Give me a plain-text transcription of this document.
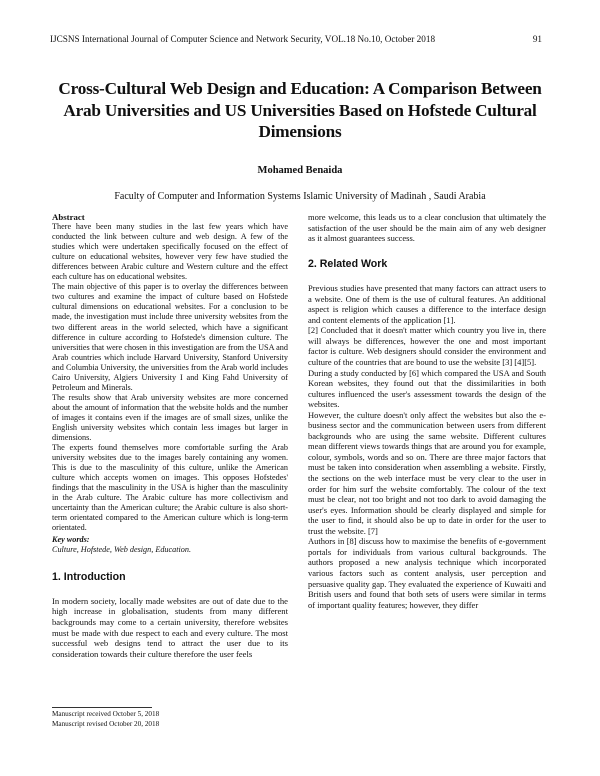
IJCSNS International Journal of Computer Science and Network Security, VOL.18 No.10, October 2018	91
Cross-Cultural Web Design and Education: A Comparison Between Arab Universities and US Universities Based on Hofstede Cultural Dimensions
Mohamed Benaida
Faculty of Computer and Information Systems Islamic University of Madinah , Saudi Arabia

Abstract

There have been many studies in the last few years which have conducted the link between culture and web design. A few of the studies which were undertaken specifically focused on the effect of culture on educational websites, however very few have studied the differences between Arabic culture and Western culture and the effect each culture has on educational websites.

The main objective of this paper is to overlay the differences between two cultures and examine the impact of culture based on Hofstede cultural dimensions on educational websites. For a conclusion to be made, the investigation must include three university websites from the two different areas in the world selected, which have a significant difference in culture according to Hofstede's dimension culture. The universities that were chosen in this investigation are from the USA and Arab countries which include Harvard University, Stanford University and Columbia University, the universities from the Arab world includes Cairo University, Algiers University I and King Fahd University of Petroleum and Minerals.

The results show that Arab university websites are more concerned about the amount of information that the website holds and the number of images it contains even if the images are of small sizes, unlike the English university websites which contain less images but larger in dimensions.

The experts found themselves more comfortable surfing the Arab university websites due to the images barely containing any women. This is due to the masculinity of this culture, unlike the American culture which accepts women on images. This opposes Hofstedes' findings that the masculinity in the USA is higher than the masculinity in the Arab culture. The Arabic culture has more collectivism and uncertainty than the American culture; the Arabic culture is also short-term orientated compared to the American culture which is long-term orientated.

Key words:

Culture, Hofstede, Web design, Education.

1. Introduction

In modern society, locally made websites are out of date due to the high increase in globalisation, students from many different backgrounds may come to a certain university, therefore websites must be made with due respect to each and every culture. The most successful web designs tend to attract the user due to its consideration towards their culture therefore the user feels

more welcome, this leads us to a clear conclusion that ultimately the satisfaction of the user should be the main aim of any web designer as it almost guarantees success.

2. Related Work

Previous studies have presented that many factors can attract users to a website. One of them is the use of cultural features. An additional aspect is religion which causes a difference to the interface design and content elements of the application [1].

[2] Concluded that it doesn't matter which country you live in, there will always be differences, however the one and most important factor is culture. Web designers should consider the environment and culture of the countries that are bound to use the website [3] [4][5].

During a study conducted by [6] which compared the USA and South Korean websites, they found out that the dissimilarities in both cultures influenced the user's assessment towards the design of the websites.

However, the culture doesn't only affect the websites but also the e-business sector and the communication between users from different backgrounds who are using the same website. Different cultures mean different views towards things that are around you for example, colour, symbols, words and so on. There are three major factors that must be taken into consideration when assembling a website. Firstly, the sections on the web interface must be very clear to the user in order for him surf the website comfortably. The colour of the text must be clear, not too bright and not too dark to avoid damaging the user's eyes. Information should be clearly displayed and simple for the user to find, it should also be up to date in order for the user to trust the website. [7]

Authors in [8] discuss how to maximise the benefits of e-government portals for individuals from various cultural backgrounds. The authors proposed a new analysis technique which incorporated various factors such as content analysis, user perception and persuasive quality gap. They evaluated the experience of Kuwaiti and British users and found that both sets of users were similar in terms of important quality features; however, they differ

Manuscript received October 5, 2018
Manuscript revised October 20, 2018
